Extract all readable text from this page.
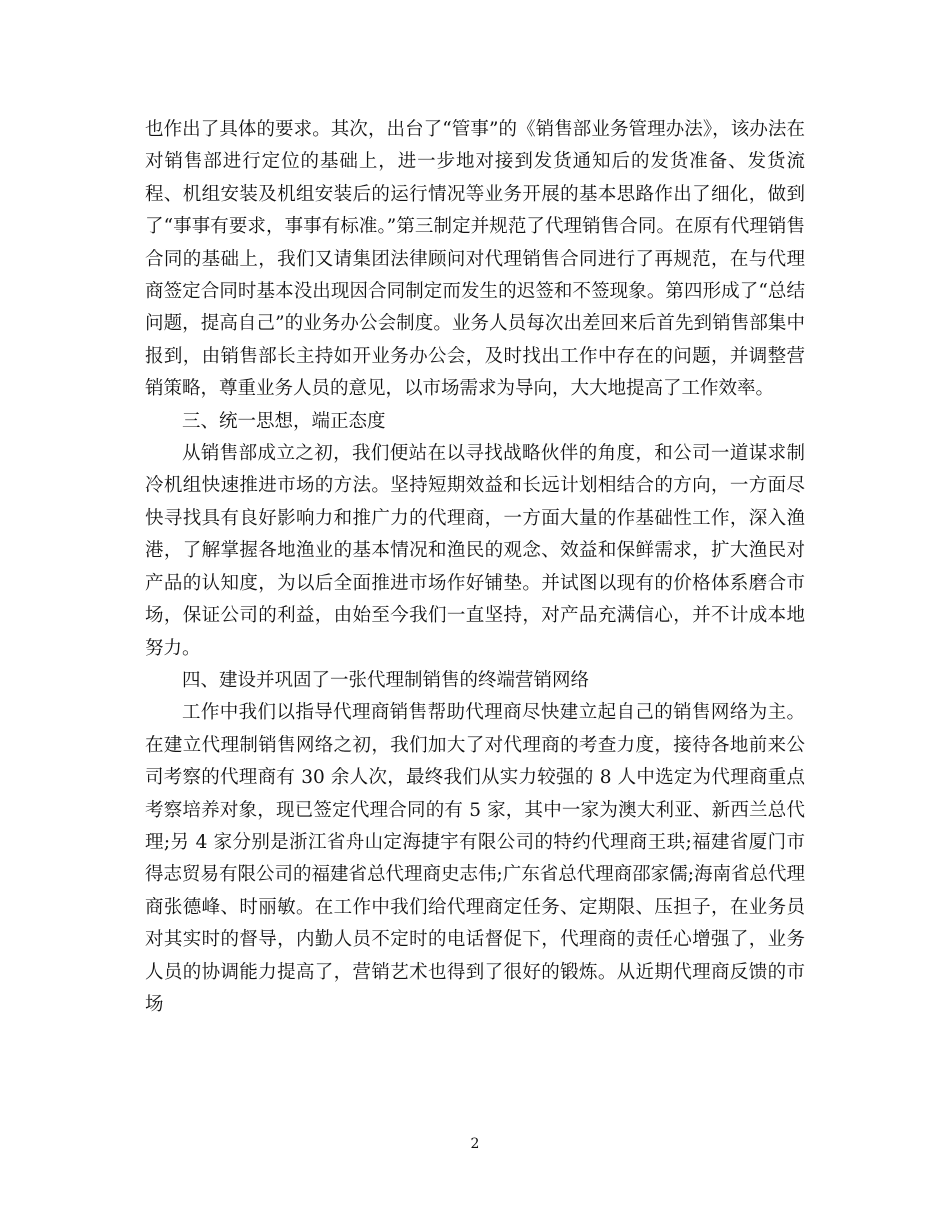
也作出了具体的要求。其次，出台了“管事”的《销售部业务管理办法》，该办法在对销售部进行定位的基础上，进一步地对接到发货通知后的发货准备、发货流程、机组安装及机组安装后的运行情况等业务开展的基本思路作出了细化，做到了“事事有要求，事事有标准。”第三制定并规范了代理销售合同。在原有代理销售合同的基础上，我们又请集团法律顾问对代理销售合同进行了再规范，在与代理商签定合同时基本没出现因合同制定而发生的迟签和不签现象。第四形成了“总结问题，提高自己”的业务办公会制度。业务人员每次出差回来后首先到销售部集中报到，由销售部长主持如开业务办公会，及时找出工作中存在的问题，并调整营销策略，尊重业务人员的意见，以市场需求为导向，大大地提高了工作效率。

三、统一思想，端正态度

从销售部成立之初，我们便站在以寻找战略伙伴的角度，和公司一道谋求制冷机组快速推进市场的方法。坚持短期效益和长远计划相结合的方向，一方面尽快寻找具有良好影响力和推广力的代理商，一方面大量的作基础性工作，深入渔港，了解掌握各地渔业的基本情况和渔民的观念、效益和保鲜需求，扩大渔民对产品的认知度，为以后全面推进市场作好铺垫。并试图以现有的价格体系磨合市场，保证公司的利益，由始至今我们一直坚持，对产品充满信心，并不计成本地努力。

四、建设并巩固了一张代理制销售的终端营销网络

工作中我们以指导代理商销售帮助代理商尽快建立起自己的销售网络为主。在建立代理制销售网络之初，我们加大了对代理商的考查力度，接待各地前来公司考察的代理商有 30 余人次，最终我们从实力较强的 8 人中选定为代理商重点考察培养对象，现已签定代理合同的有 5 家，其中一家为澳大利亚、新西兰总代理;另 4 家分别是浙江省舟山定海捷宇有限公司的特约代理商王珙;福建省厦门市得志贸易有限公司的福建省总代理商史志伟;广东省总代理商邵家儒;海南省总代理商张德峰、时丽敏。在工作中我们给代理商定任务、定期限、压担子，在业务员对其实时的督导，内勤人员不定时的电话督促下，代理商的责任心增强了，业务人员的协调能力提高了，营销艺术也得到了很好的锻炼。从近期代理商反馈的市场

2
